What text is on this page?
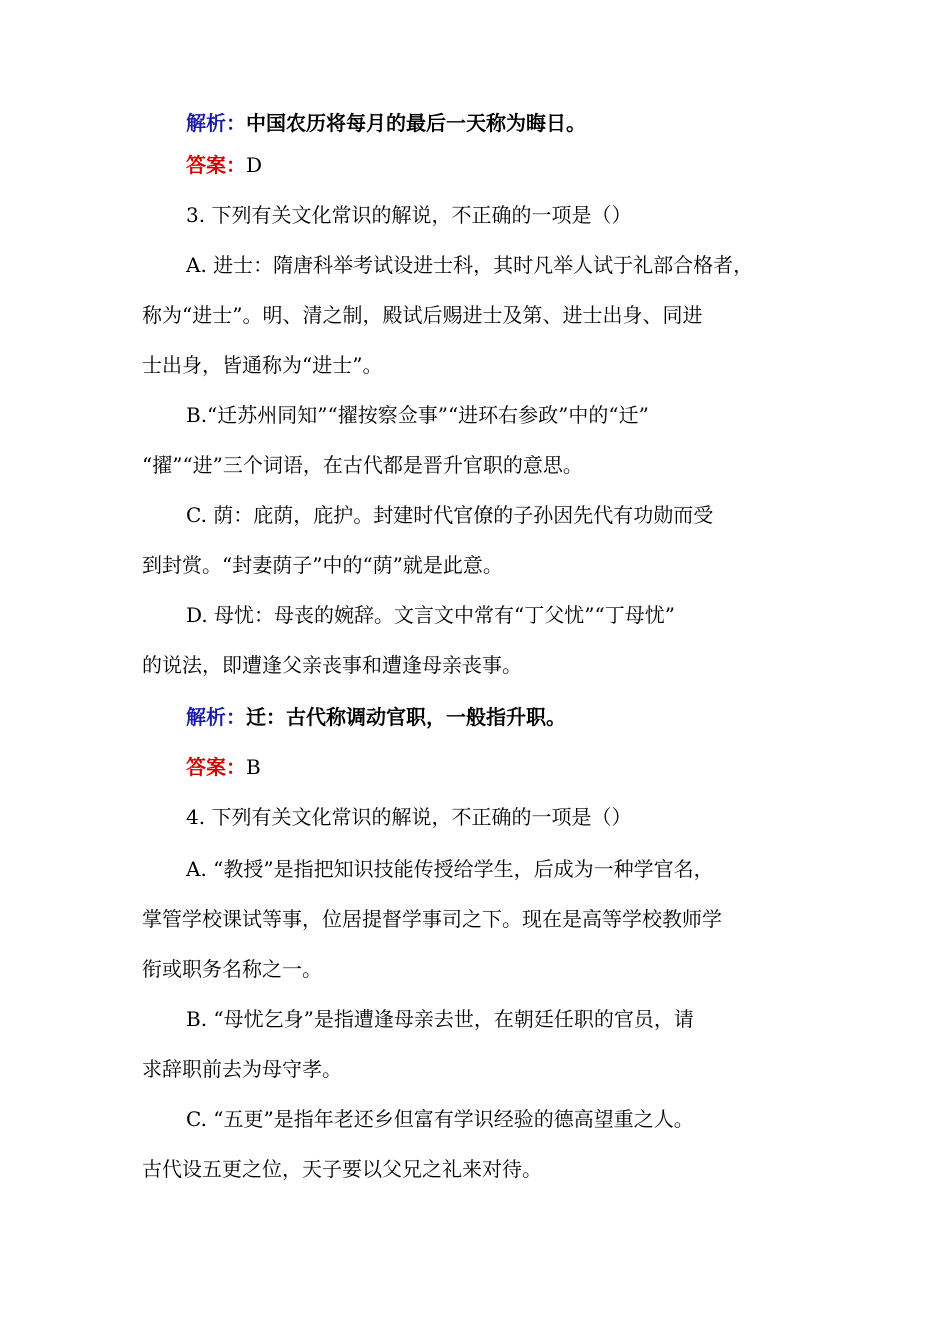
解析：中国农历将每月的最后一天称为晦日。
答案：D
3. 下列有关文化常识的解说，不正确的一项是（）
A. 进士：隋唐科举考试设进士科，其时凡举人试于礼部合格者，
称为“进士”。明、清之制，殿试后赐进士及第、进士出身、同进
士出身，皆通称为“进士”。
B.“迁苏州同知”“擢按察佥事”“进环右参政”中的“迁”
“擢”“进”三个词语，在古代都是晋升官职的意思。
C. 荫：庇荫，庇护。封建时代官僚的子孙因先代有功勋而受
到封赏。“封妻荫子”中的“荫”就是此意。
D. 母忧：母丧的婉辞。文言文中常有“丁父忧”“丁母忧”
的说法，即遭逢父亲丧事和遭逢母亲丧事。
解析：迁：古代称调动官职，一般指升职。
答案：B
4. 下列有关文化常识的解说，不正确的一项是（）
A. “教授”是指把知识技能传授给学生，后成为一种学官名，
掌管学校课试等事，位居提督学事司之下。现在是高等学校教师学
衔或职务名称之一。
B. “母忧乞身”是指遭逢母亲去世，在朝廷任职的官员，请
求辞职前去为母守孝。
C. “五更”是指年老还乡但富有学识经验的德高望重之人。
古代设五更之位，天子要以父兄之礼来对待。
